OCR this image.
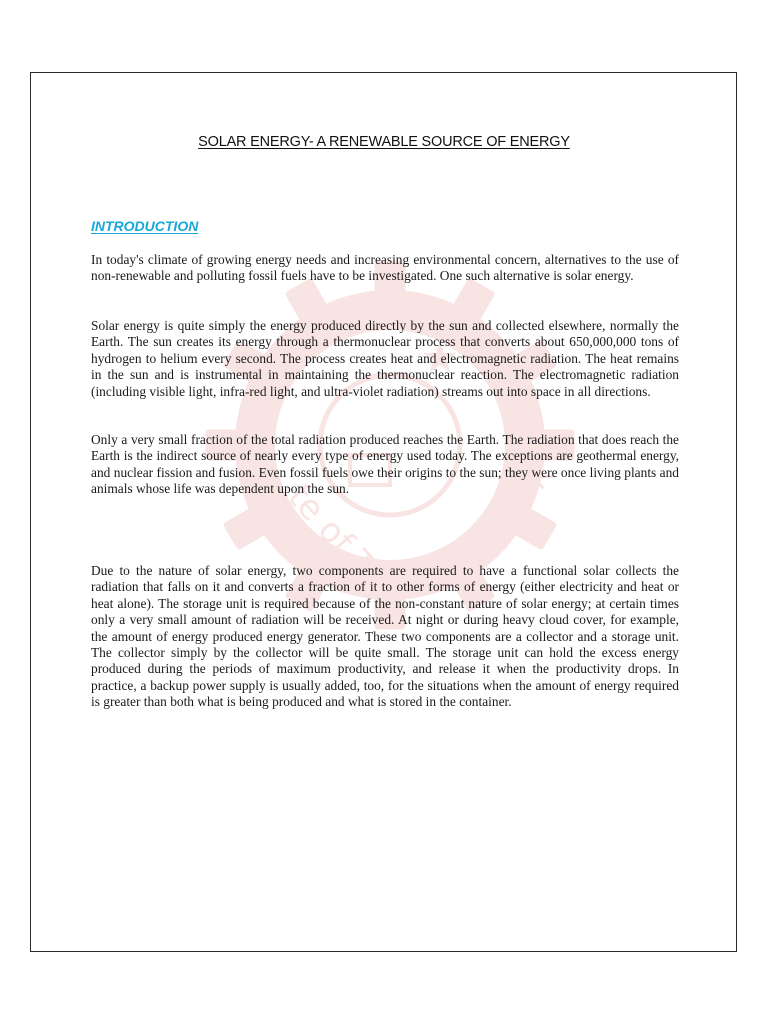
te of Te chnic, K
SOLAR ENERGY- A RENEWABLE SOURCE OF ENERGY
INTRODUCTION

In today's climate of growing energy needs and increasing environmental concern, alternatives to the use of non-renewable and polluting fossil fuels have to be investigated. One such alternative is solar energy.

Solar energy is quite simply the energy produced directly by the sun and collected elsewhere, normally the Earth. The sun creates its energy through a thermonuclear process that converts about 650,000,000 tons of hydrogen to helium every second. The process creates heat and electromagnetic radiation. The heat remains in the sun and is instrumental in maintaining the thermonuclear reaction. The electromagnetic radiation (including visible light, infra-red light, and ultra-violet radiation) streams out into space in all directions.

Only a very small fraction of the total radiation produced reaches the Earth. The radiation that does reach the Earth is the indirect source of nearly every type of energy used today. The exceptions are geothermal energy, and nuclear fission and fusion. Even fossil fuels owe their origins to the sun; they were once living plants and animals whose life was dependent upon the sun.

Due to the nature of solar energy, two components are required to have a functional solar collects the radiation that falls on it and converts a fraction of it to other forms of energy (either electricity and heat or heat alone). The storage unit is required because of the non-constant nature of solar energy; at certain times only a very small amount of radiation will be received. At night or during heavy cloud cover, for example, the amount of energy produced energy generator. These two components are a collector and a storage unit. The collector simply by the collector will be quite small. The storage unit can hold the excess energy produced during the periods of maximum productivity, and release it when the productivity drops. In practice, a backup power supply is usually added, too, for the situations when the amount of energy required is greater than both what is being produced and what is stored in the container.
